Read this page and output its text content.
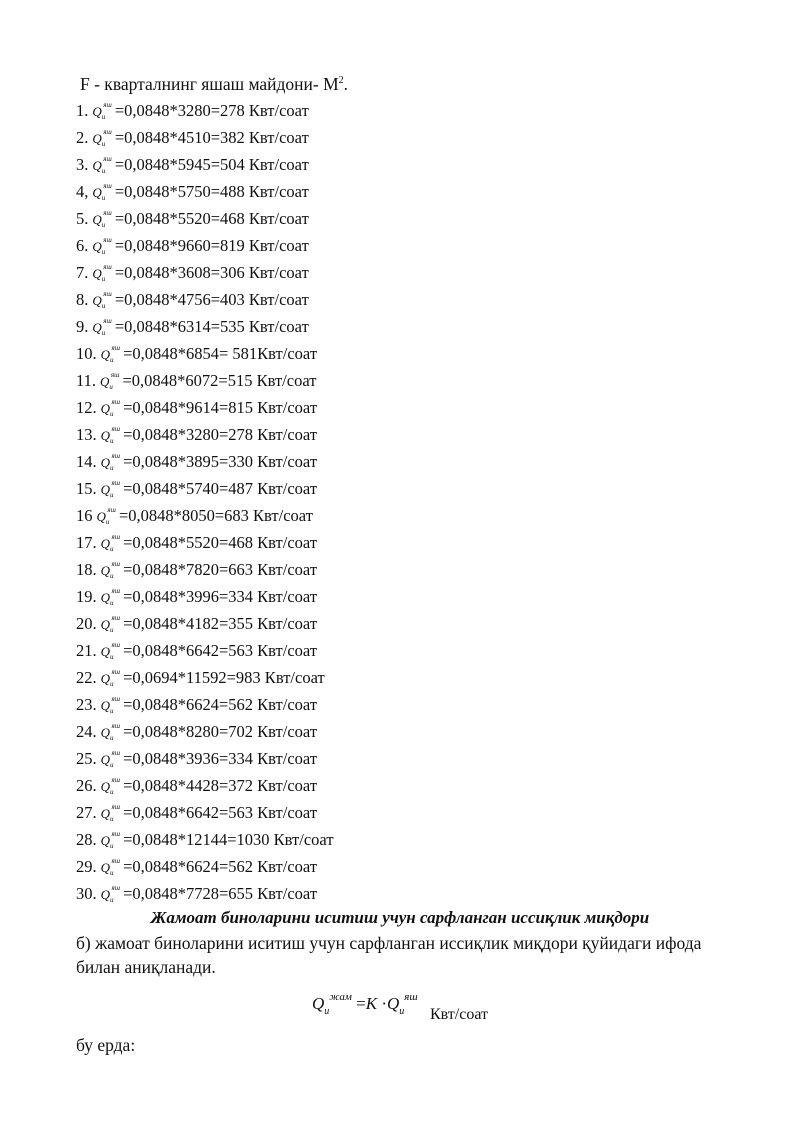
F - кварталнинг яшаш майдони- $М^2$.
1. $Q_и^{яш} =0,0848*3280=278$ Квт/соат
2. $Q_и^{яш} =0,0848*4510=382$ Квт/соат
3. $Q_и^{яш} =0,0848*5945=504$ Квт/соат
4, $Q_и^{яш} =0,0848*5750=488$ Квт/соат
5. $Q_и^{яш} =0,0848*5520=468$ Квт/соат
6. $Q_и^{яш} =0,0848*9660=819$ Квт/соат
7. $Q_и^{яш} =0,0848*3608=306$ Квт/соат
8. $Q_и^{яш} =0,0848*4756=403$ Квт/соат
9. $Q_и^{яш} =0,0848*6314=535$ Квт/соат
10. $Q_и^{яш} =0,0848*6854=$ 581Квт/соат
11. $Q_и^{яш} =0,0848*6072=515$ Квт/соат
12. $Q_и^{яш} =0,0848*9614=815$ Квт/соат
13. $Q_и^{яш} =0,0848*3280=278$ Квт/соат
14. $Q_и^{яш} =0,0848*3895=330$ Квт/соат
15. $Q_и^{яш} =0,0848*5740=487$ Квт/соат
16 $Q_и^{яш} =0,0848*8050=683$ Квт/соат
17. $Q_и^{яш} =0,0848*5520=468$ Квт/соат
18. $Q_и^{яш} =0,0848*7820=663$ Квт/соат
19. $Q_и^{яш} =0,0848*3996=334$ Квт/соат
20. $Q_и^{яш} =0,0848*4182=355$ Квт/соат
21. $Q_и^{яш} =0,0848*6642=563$ Квт/соат
22. $Q_и^{яш} =0,0694*11592=983$ Квт/соат
23. $Q_и^{яш} =0,0848*6624=562$ Квт/соат
24. $Q_и^{яш} =0,0848*8280=702$ Квт/соат
25. $Q_и^{яш} =0,0848*3936=334$ Квт/соат
26. $Q_и^{яш} =0,0848*4428=372$ Квт/соат
27. $Q_и^{яш} =0,0848*6642=563$ Квт/соат
28. $Q_и^{яш} =0,0848*12144=1030$ Квт/соат
29. $Q_и^{яш} =0,0848*6624=562$ Квт/соат
30. $Q_и^{яш} =0,0848*7728=655$ Квт/соат
Жамоат биноларини иситиш учун сарфланган иссиқлик миқдори
б) жамоат биноларини иситиш учун сарфланган иссиқлик миқдори қуйидаги ифода билан аниқланади.
$Q_и^{жам} =K \cdot Q_и^{яш}$ Квт/соат
бу ерда:
